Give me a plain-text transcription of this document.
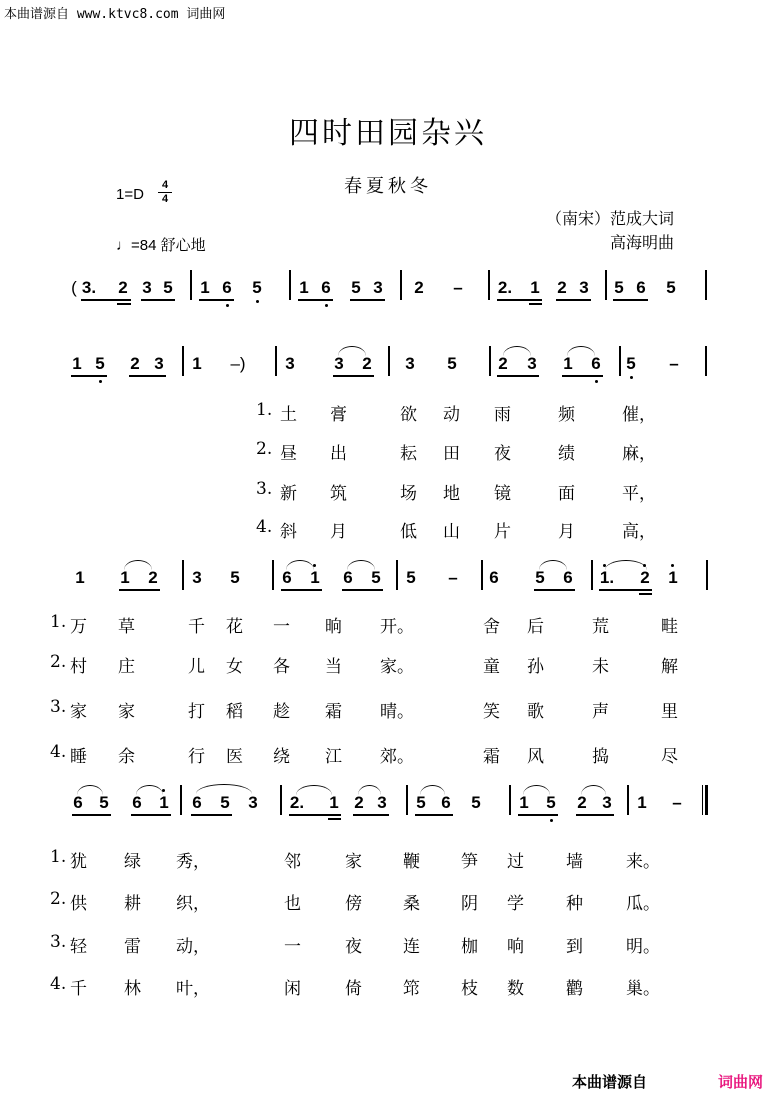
本曲谱源自 www.ktvc8.com 词曲网
四时田园杂兴
春夏秋冬
1=D
4
4
♩=84 舒心地
（南宋）范成大词
高海明曲
( 3. 2 3 5 1 6 5 1 6 5 3 2 – 2. 1 2 3 5 6 5
1 5 2 3 1	–)	3 3 2 3 5 2 3 1 6 5 –
1. 土 膏	欲 动 雨	频	催，
2. 昼 出	耘 田 夜	绩	麻，
3. 新 筑	场 地 镜	面	平，
4. 斜 月	低 山 片	月	高，
1 1 2 3 5	6 1 6 5 5 – 6 5 6 1. 2 1
1. 万 草	千 花 一 晌 开。	舍 后	荒	畦
2. 村 庄	儿 女 各 当 家。	童 孙	未	解
3. 家 家	打 稻 趁 霜 晴。	笑 歌	声	里
4. 睡 余	行 医 绕 江 郊。	霜 风	捣	尽
6 5 6 1 6 5 3 2. 1 2 3 5 6 5 1 5 2 3 1 –
1. 犹 绿 秀，	邻	家 鞭 笋 过 墙	来。
2. 供 耕 织，	也	傍 桑 阴 学 种	瓜。
3. 轻 雷 动，	一	夜 连 枷 响 到	明。
4. 千 林 叶，	闲	倚 筇 枝 数 鹳	巢。
本曲谱源自	词曲网
